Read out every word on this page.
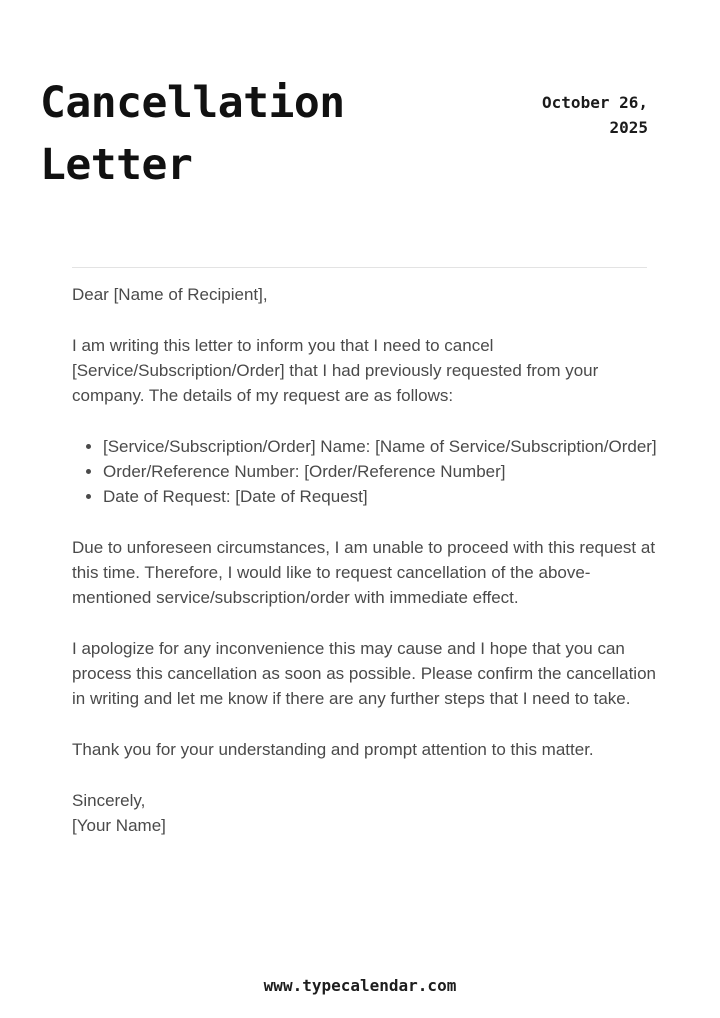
Cancellation Letter
October 26,
2025

Dear [Name of Recipient],

I am writing this letter to inform you that I need to cancel [Service/Subscription/Order] that I had previously requested from your company. The details of my request are as follows:

• [Service/Subscription/Order] Name: [Name of Service/Subscription/Order]
• Order/Reference Number: [Order/Reference Number]
• Date of Request: [Date of Request]

Due to unforeseen circumstances, I am unable to proceed with this request at this time. Therefore, I would like to request cancellation of the above-mentioned service/subscription/order with immediate effect.

I apologize for any inconvenience this may cause and I hope that you can process this cancellation as soon as possible. Please confirm the cancellation in writing and let me know if there are any further steps that I need to take.

Thank you for your understanding and prompt attention to this matter.

Sincerely,
[Your Name]

www.typecalendar.com
